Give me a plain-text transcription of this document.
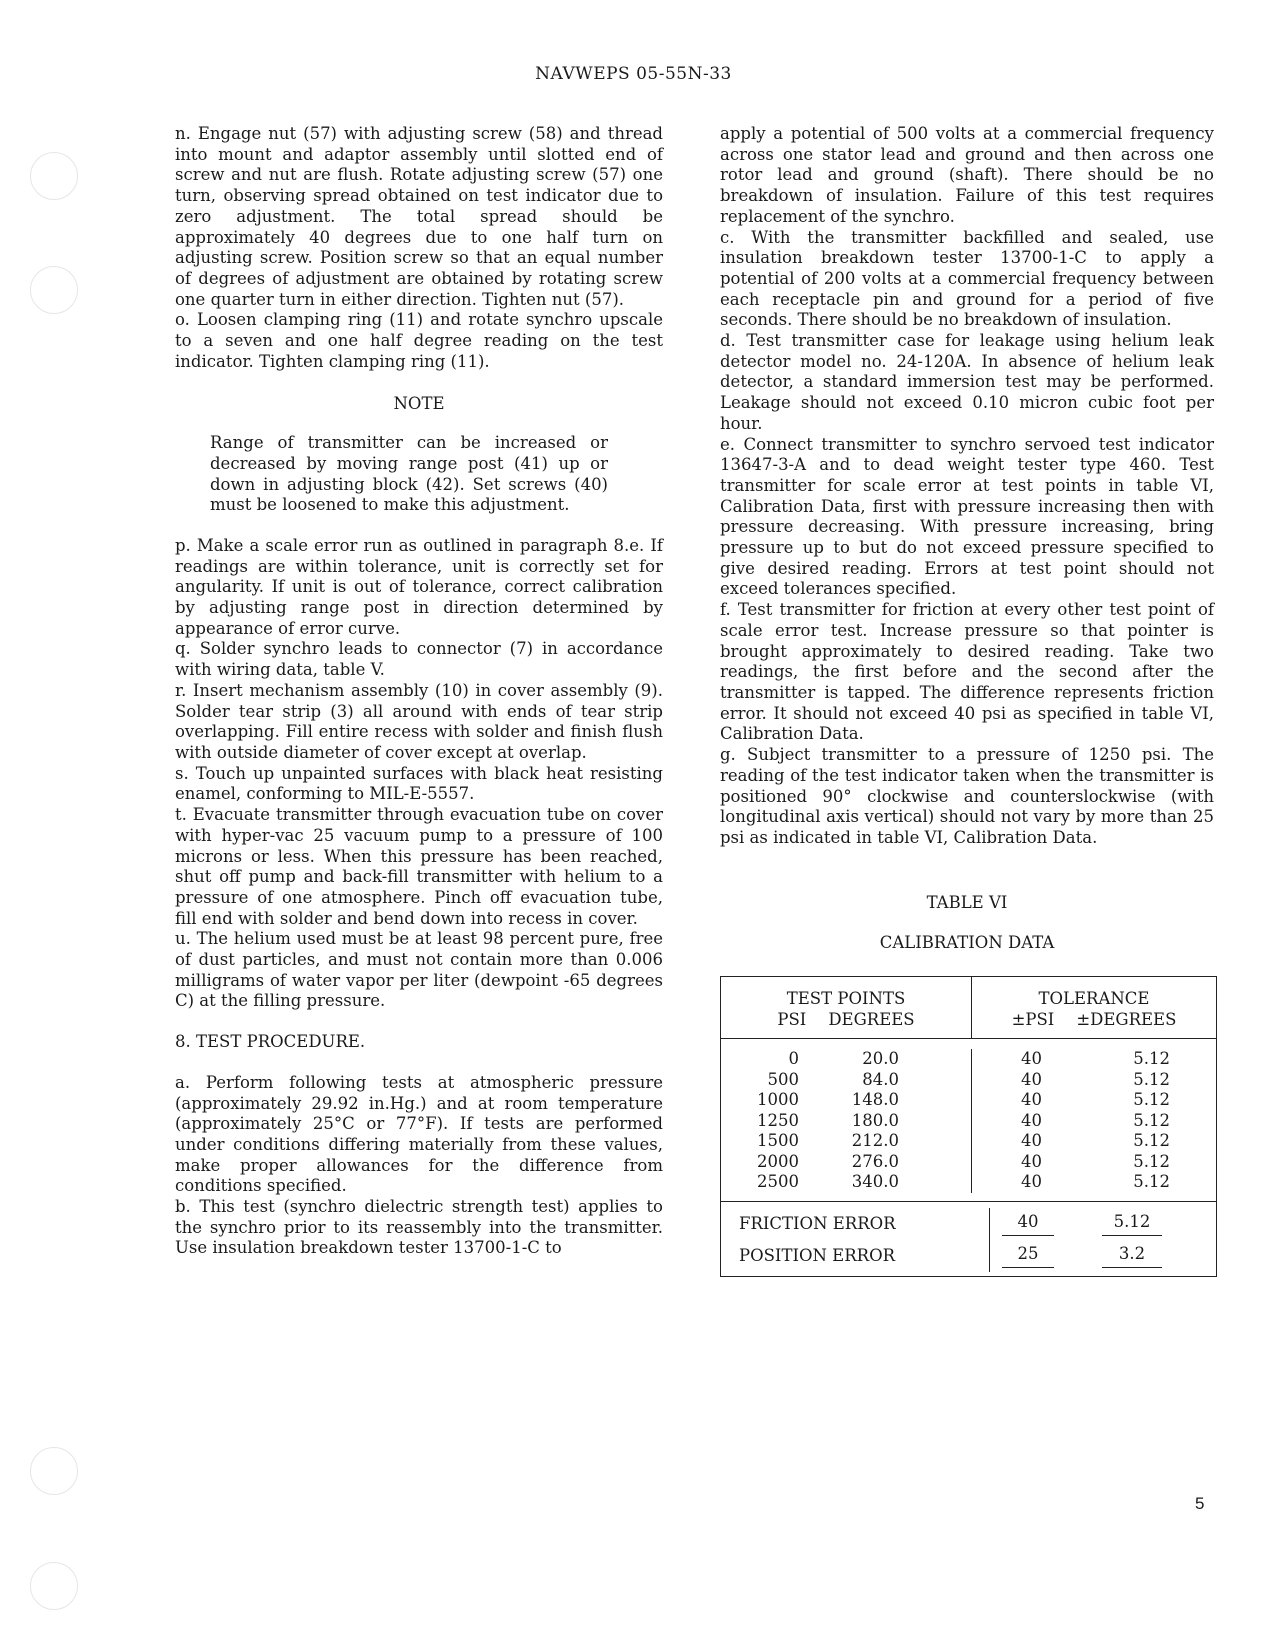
NAVWEPS 05-55N-33

n. Engage nut (57) with adjusting screw (58) and thread into mount and adaptor assembly until slotted end of screw and nut are flush. Rotate adjusting screw (57) one turn, observing spread obtained on test indicator due to zero adjustment. The total spread should be approximately 40 degrees due to one half turn on adjusting screw. Position screw so that an equal number of degrees of adjustment are obtained by rotating screw one quarter turn in either direction. Tighten nut (57).

o. Loosen clamping ring (11) and rotate synchro upscale to a seven and one half degree reading on the test indicator. Tighten clamping ring (11).

NOTE

Range of transmitter can be increased or decreased by moving range post (41) up or down in adjusting block (42). Set screws (40) must be loosened to make this adjustment.

p. Make a scale error run as outlined in paragraph 8.e. If readings are within tolerance, unit is correctly set for angularity. If unit is out of tolerance, correct calibration by adjusting range post in direction determined by appearance of error curve.

q. Solder synchro leads to connector (7) in accordance with wiring data, table V.

r. Insert mechanism assembly (10) in cover assembly (9). Solder tear strip (3) all around with ends of tear strip overlapping. Fill entire recess with solder and finish flush with outside diameter of cover except at overlap.

s. Touch up unpainted surfaces with black heat resisting enamel, conforming to MIL-E-5557.

t. Evacuate transmitter through evacuation tube on cover with hyper-vac 25 vacuum pump to a pressure of 100 microns or less. When this pressure has been reached, shut off pump and back-fill transmitter with helium to a pressure of one atmosphere. Pinch off evacuation tube, fill end with solder and bend down into recess in cover.

u. The helium used must be at least 98 percent pure, free of dust particles, and must not contain more than 0.006 milligrams of water vapor per liter (dewpoint -65 degrees C) at the filling pressure.

8. TEST PROCEDURE.

a. Perform following tests at atmospheric pressure (approximately 29.92 in.Hg.) and at room temperature (approximately 25°C or 77°F). If tests are performed under conditions differing materially from these values, make proper allowances for the difference from conditions specified.

b. This test (synchro dielectric strength test) applies to the synchro prior to its reassembly into the transmitter. Use insulation breakdown tester 13700-1-C to

apply a potential of 500 volts at a commercial frequency across one stator lead and ground and then across one rotor lead and ground (shaft). There should be no breakdown of insulation. Failure of this test requires replacement of the synchro.

c. With the transmitter backfilled and sealed, use insulation breakdown tester 13700-1-C to apply a potential of 200 volts at a commercial frequency between each receptacle pin and ground for a period of five seconds. There should be no breakdown of insulation.

d. Test transmitter case for leakage using helium leak detector model no. 24-120A. In absence of helium leak detector, a standard immersion test may be performed. Leakage should not exceed 0.10 micron cubic foot per hour.

e. Connect transmitter to synchro servoed test indicator 13647-3-A and to dead weight tester type 460. Test transmitter for scale error at test points in table VI, Calibration Data, first with pressure increasing then with pressure decreasing. With pressure increasing, bring pressure up to but do not exceed pressure specified to give desired reading. Errors at test point should not exceed tolerances specified.

f. Test transmitter for friction at every other test point of scale error test. Increase pressure so that pointer is brought approximately to desired reading. Take two readings, the first before and the second after the transmitter is tapped. The difference represents friction error. It should not exceed 40 psi as specified in table VI, Calibration Data.

g. Subject transmitter to a pressure of 1250 psi. The reading of the test indicator taken when the transmitter is positioned 90° clockwise and counterslockwise (with longitudinal axis vertical) should not vary by more than 25 psi as indicated in table VI, Calibration Data.

TABLE VI

CALIBRATION DATA

TEST POINTS
PSI DEGREES
TOLERANCE
±PSI ±DEGREES
0	20.0	40	5.12
500	84.0	40	5.12
1000	148.0	40	5.12
1250	180.0	40	5.12
1500	212.0	40	5.12
2000	276.0	40	5.12
2500	340.0	40	5.12
FRICTION ERROR	40	5.12
POSITION ERROR	25	3.2
5
